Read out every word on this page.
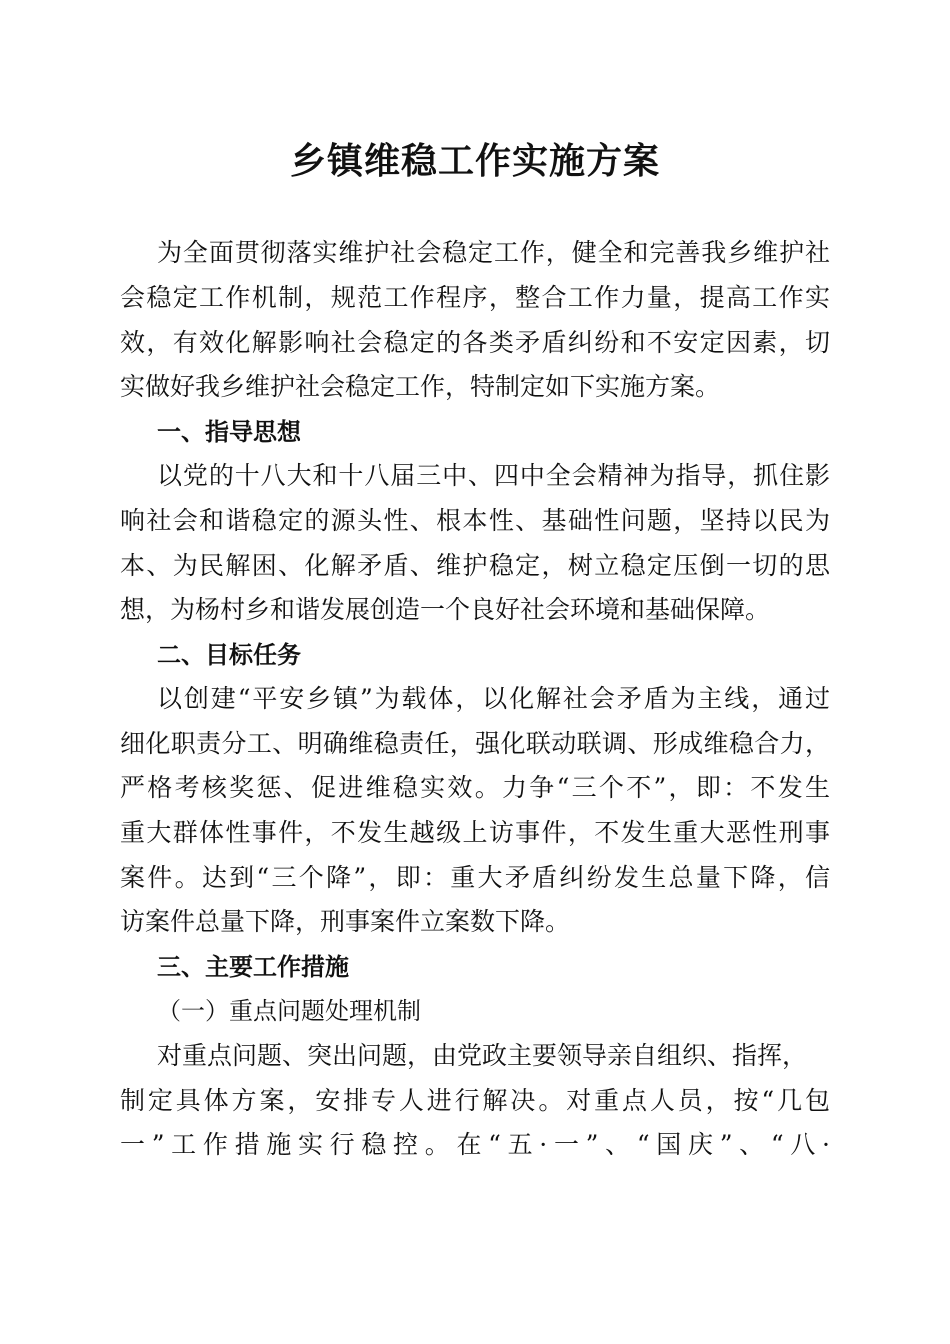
乡镇维稳工作实施方案
为全面贯彻落实维护社会稳定工作，健全和完善我乡维护社
会稳定工作机制，规范工作程序，整合工作力量，提高工作实
效，有效化解影响社会稳定的各类矛盾纠纷和不安定因素，切
实做好我乡维护社会稳定工作，特制定如下实施方案。
一、指导思想
以党的十八大和十八届三中、四中全会精神为指导，抓住影
响社会和谐稳定的源头性、根本性、基础性问题，坚持以民为
本、为民解困、化解矛盾、维护稳定，树立稳定压倒一切的思
想，为杨村乡和谐发展创造一个良好社会环境和基础保障。
二、目标任务
以创建“平安乡镇”为载体，以化解社会矛盾为主线，通过
细化职责分工、明确维稳责任，强化联动联调、形成维稳合力，
严格考核奖惩、促进维稳实效。力争“三个不”，即：不发生
重大群体性事件，不发生越级上访事件，不发生重大恶性刑事
案件。达到“三个降”，即：重大矛盾纠纷发生总量下降，信
访案件总量下降，刑事案件立案数下降。
三、主要工作措施
（一）重点问题处理机制
对重点问题、突出问题，由党政主要领导亲自组织、指挥，
制定具体方案，安排专人进行解决。对重点人员，按“几包
一”工作措施实行稳控。在“五·一”、“国庆”、“八·
